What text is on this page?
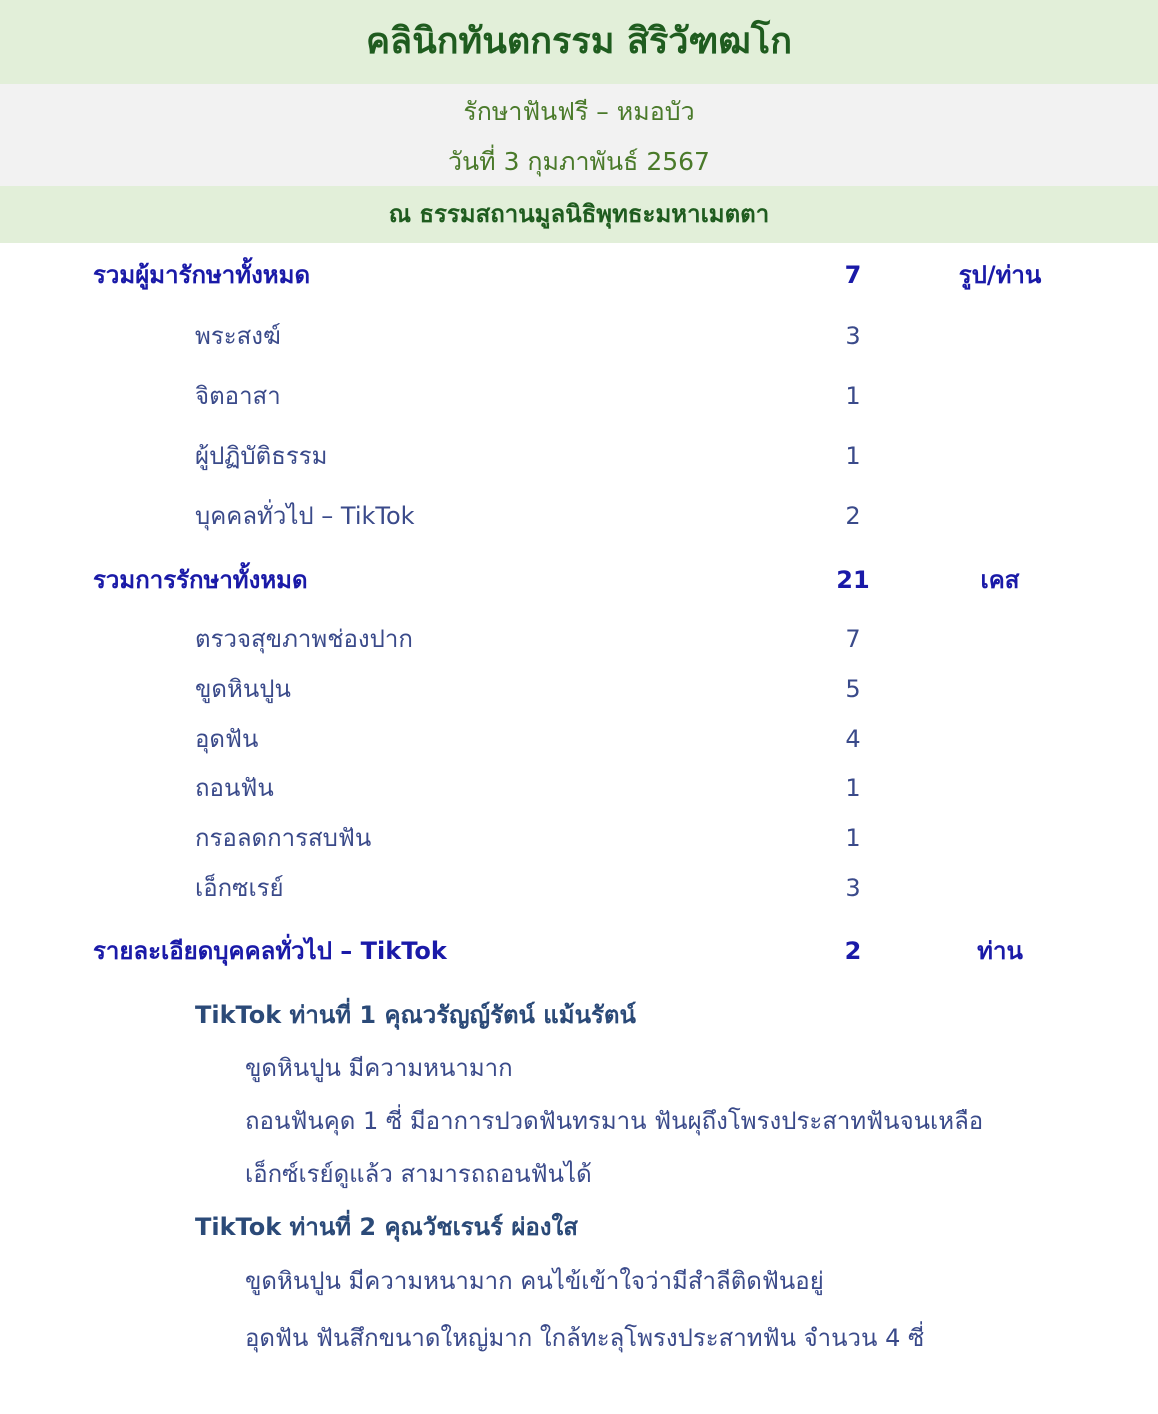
คลินิกทันตกรรม สิริวัฑฒโก
รักษาฟันฟรี – หมอบัว
วันที่ 3 กุมภาพันธ์ 2567
ณ ธรรมสถานมูลนิธิพุทธะมหาเมตตา
รวมผู้มารักษาทั้งหมด	7	รูป/ท่าน
พระสงฆ์	3
จิตอาสา	1
ผู้ปฏิบัติธรรม	1
บุคคลทั่วไป – TikTok	2
รวมการรักษาทั้งหมด	21	เคส
ตรวจสุขภาพช่องปาก	7
ขูดหินปูน	5
อุดฟัน	4
ถอนฟัน	1
กรอลดการสบฟัน	1
เอ็กซเรย์	3
รายละเอียดบุคคลทั่วไป – TikTok	2	ท่าน
TikTok ท่านที่ 1 คุณวรัญญ์รัตน์ แม้นรัตน์
ขูดหินปูน มีความหนามาก
ถอนฟันคุด 1 ซี่ มีอาการปวดฟันทรมาน ฟันผุถึงโพรงประสาทฟันจนเหลือ
เอ็กซ์เรย์ดูแล้ว สามารถถอนฟันได้
TikTok ท่านที่ 2 คุณวัชเรนร์ ผ่องใส
ขูดหินปูน มีความหนามาก คนไข้เข้าใจว่ามีสำลีติดฟันอยู่
อุดฟัน ฟันสึกขนาดใหญ่มาก ใกล้ทะลุโพรงประสาทฟัน จำนวน 4 ซี่
